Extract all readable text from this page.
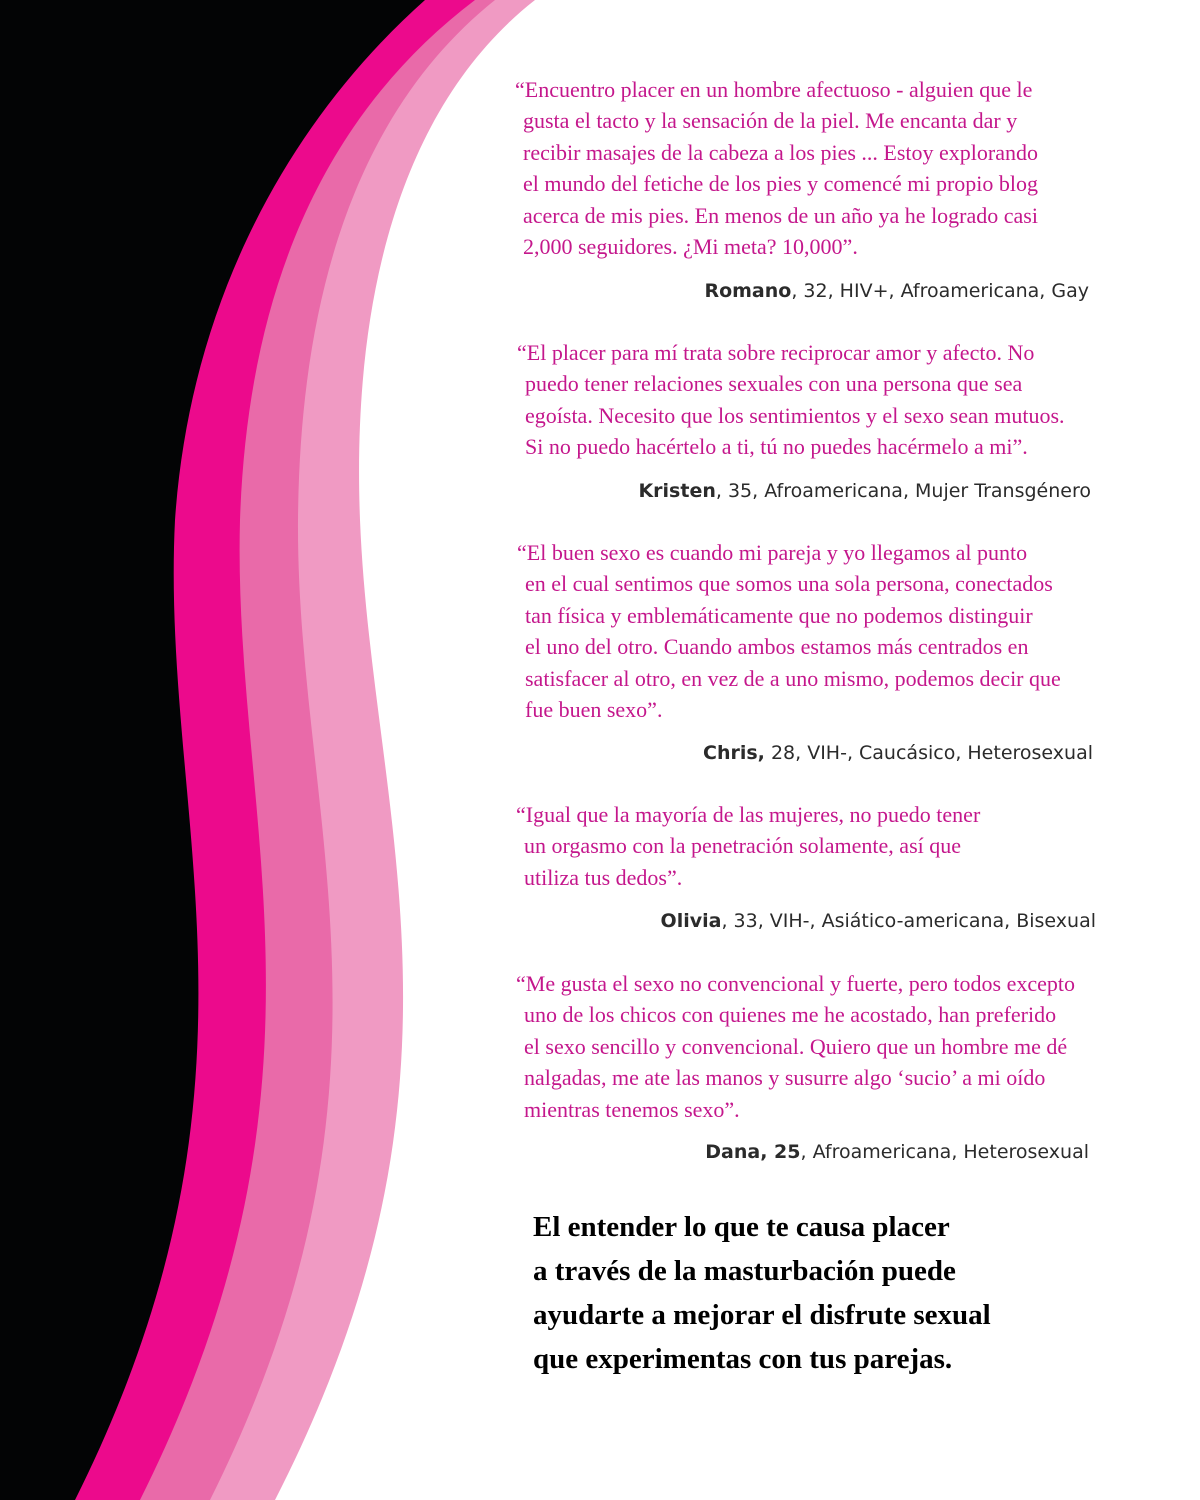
“Encuentro placer en un hombre afectuoso - alguien que le
gusta el tacto y la sensación de la piel. Me encanta dar y
recibir masajes de la cabeza a los pies ... Estoy explorando
el mundo del fetiche de los pies y comencé mi propio blog
acerca de mis pies. En menos de un año ya he logrado casi
2,000 seguidores. ¿Mi meta? 10,000”.

Romano, 32, HIV+, Afroamericana, Gay

“El placer para mí trata sobre reciprocar amor y afecto. No
puedo tener relaciones sexuales con una persona que sea
egoísta. Necesito que los sentimientos y el sexo sean mutuos.
Si no puedo hacértelo a ti, tú no puedes hacérmelo a mi”.

Kristen, 35, Afroamericana, Mujer Transgénero

“El buen sexo es cuando mi pareja y yo llegamos al punto
en el cual sentimos que somos una sola persona, conectados
tan física y emblemáticamente que no podemos distinguir
el uno del otro. Cuando ambos estamos más centrados en
satisfacer al otro, en vez de a uno mismo, podemos decir que
fue buen sexo”.

Chris, 28, VIH-, Caucásico, Heterosexual

“Igual que la mayoría de las mujeres, no puedo tener
un orgasmo con la penetración solamente, así que
utiliza tus dedos”.

Olivia, 33, VIH-, Asiático-americana, Bisexual

“Me gusta el sexo no convencional y fuerte, pero todos excepto
uno de los chicos con quienes me he acostado, han preferido
el sexo sencillo y convencional. Quiero que un hombre me dé
nalgadas, me ate las manos y susurre algo ‘sucio’ a mi oído
mientras tenemos sexo”.

Dana, 25, Afroamericana, Heterosexual

El entender lo que te causa placer
a través de la masturbación puede
ayudarte a mejorar el disfrute sexual
que experimentas con tus parejas.
